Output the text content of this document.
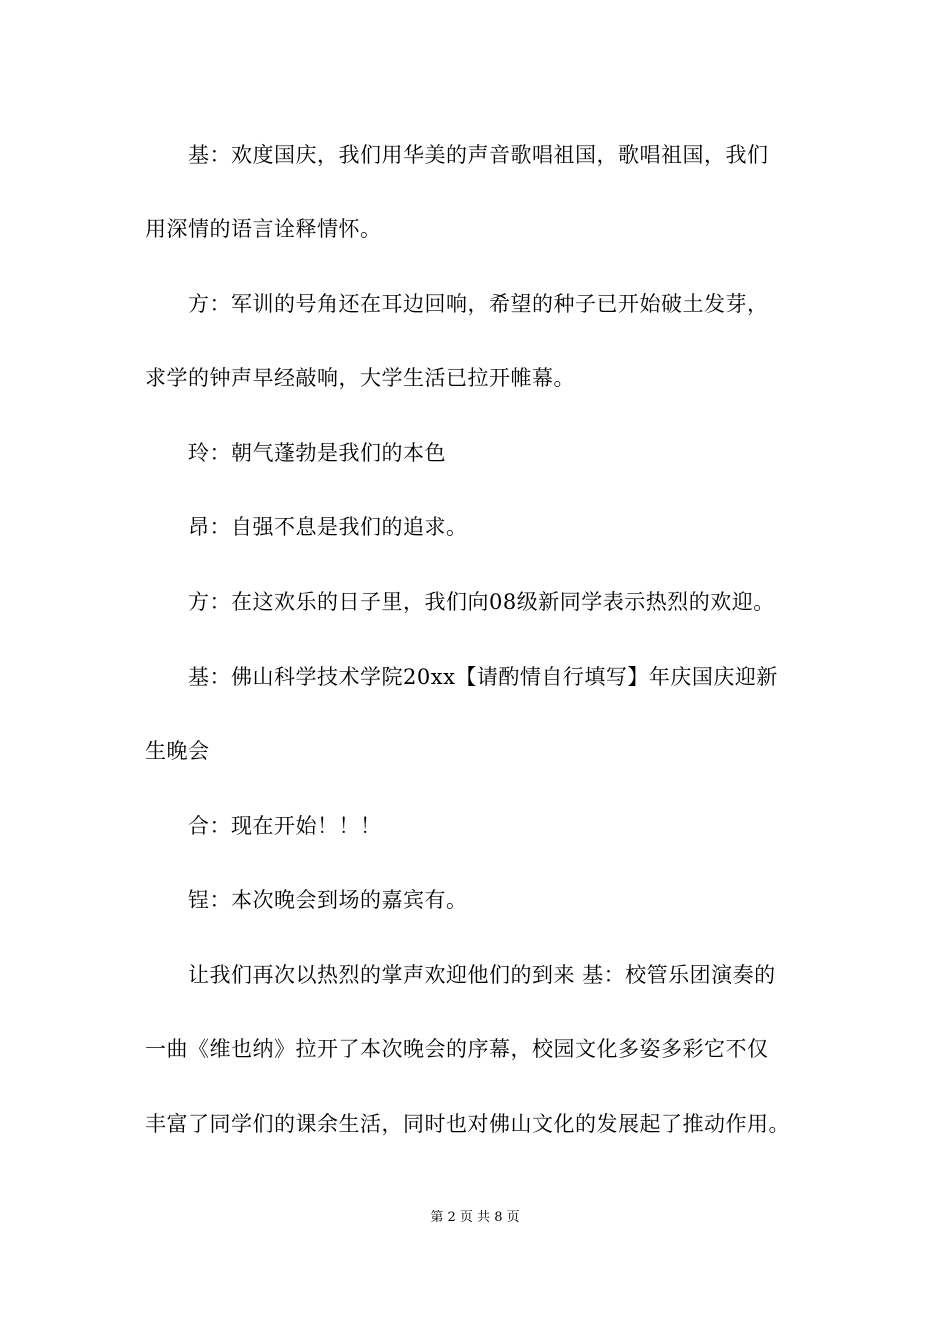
基：欢度国庆，我们用华美的声音歌唱祖国，歌唱祖国，我们
用深情的语言诠释情怀。
方：军训的号角还在耳边回响，希望的种子已开始破土发芽，
求学的钟声早经敲响，大学生活已拉开帷幕。
玲：朝气蓬勃是我们的本色
昂：自强不息是我们的追求。
方：在这欢乐的日子里，我们向08级新同学表示热烈的欢迎。
基：佛山科学技术学院20xx【请酌情自行填写】年庆国庆迎新
生晚会
合：现在开始！！！
锃：本次晚会到场的嘉宾有。
让我们再次以热烈的掌声欢迎他们的到来 基：校管乐团演奏的
一曲《维也纳》拉开了本次晚会的序幕，校园文化多姿多彩它不仅
丰富了同学们的课余生活，同时也对佛山文化的发展起了推动作用。
第 2 页 共 8 页
